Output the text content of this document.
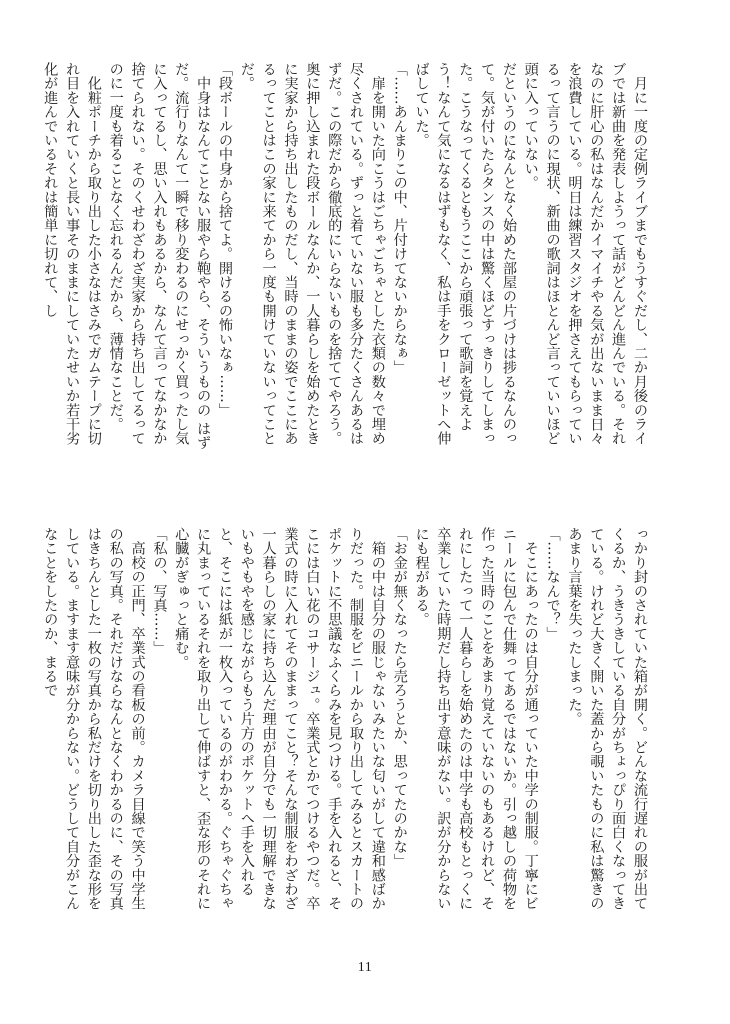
　月に一度の定例ライブまでもうすぐだし、二か月後のライブでは新曲を発表しようって話がどんどん進んでいる。それなのに肝心の私はなんだかイマイチやる気が出ないまま日々を浪費している。明日は練習スタジオを押さえてもらっているって言うのに現状、新曲の歌詞はほとんど言っていいほど頭に入っていない。

だというのになんとなく始めた部屋の片づけは捗るなんのって。気が付いたらタンスの中は驚くほどすっきりしてしまった。こうなってくるともうここから頑張って歌詞を覚えよう！なんて気になるはずもなく、私は手をクローゼットへ伸ばしていた。

「……あんまりこの中、片付けてないからなぁ」

　扉を開いた向こうはごちゃごちゃとした衣類の数々で埋め尽くされている。ずっと着ていない服も多分たくさんあるはずだ。この際だから徹底的にいらないものを捨ててやろう。奥に押し込まれた段ボールなんか、一人暮らしを始めたときに実家から持ち出したものだし、当時のままの姿でここにあるってことはこの家に来てから一度も開けていないってことだ。

「段ボールの中身から捨てよ。開けるの怖いなぁ……」

　中身はなんてことない服やら鞄やら、そういうものの はずだ。流行りなんて一瞬で移り変わるのにせっかく買ったし気に入ってるし、思い入れもあるから、なんて言ってなかなか捨てられない。そのくせわざわざ実家から持ち出してるってのに一度も着ることなく忘れるんだから、薄情なことだ。

　化粧ポーチから取り出した小さなはさみでガムテープに切れ目を入れていくと長い事そのままにしていたせいか若干劣化が進んでいるそれは簡単に切れて、し

っかり封のされていた箱が開く。どんな流行遅れの服が出てくるか、うきうきしている自分がちょっぴり面白くなってきている。けれど大きく開いた蓋から覗いたものに私は驚きのあまり言葉を失ったしまった。

「……なんで？」

　そこにあったのは自分が通っていた中学の制服。丁寧にビニールに包んで仕舞ってあるではないか。引っ越しの荷物を作った当時のことをあまり覚えていないのもあるけれど、それにしたって一人暮らしを始めたのは中学も高校もとっくに卒業していた時期だし持ち出す意味がない。訳が分からないにも程がある。

「お金が無くなったら売ろうとか、思ってたのかな」

　箱の中は自分の服じゃないみたいな匂いがして違和感ばかりだった。制服をビニールから取り出してみるとスカートのポケットに不思議なふくらみを見つける。手を入れると、そこには白い花のコサージュ。卒業式とかでつけるやつだ。卒業式の時に入れてそのままってこと？そんな制服をわざわざ一人暮らしの家に持ち込んだ理由が自分でも一切理解できないもやもやを感じながらもう片方のポケットへ手を入れると、そこには紙が一枚入っているのがわかる。ぐちゃぐちゃに丸まっているそれを取り出して伸ばすと、歪な形のそれに心臓がぎゅっと痛む。

「私の、写真……」

　高校の正門、卒業式の看板の前。カメラ目線で笑う中学生の私の写真。それだけならなんとなくわかるのに、その写真はきちんとした一枚の写真から私だけを切り出した歪な形をしている。ますます意味が分からない。どうして自分がこんなことをしたのか、まるで

11
